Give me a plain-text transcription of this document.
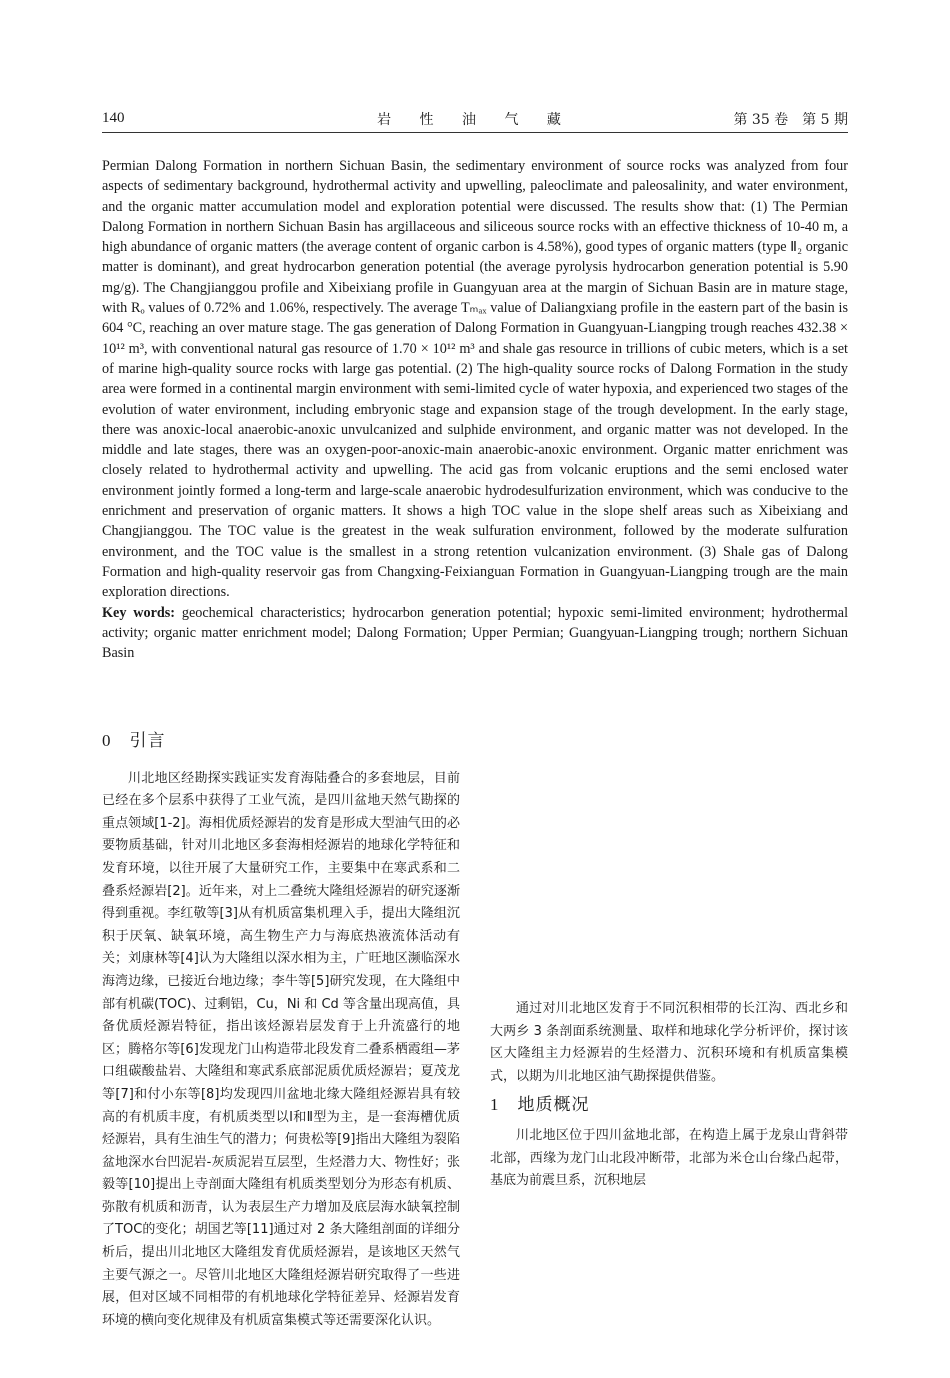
140	岩 性 油 气 藏	第 35 卷　第 5 期

Permian Dalong Formation in northern Sichuan Basin, the sedimentary environment of source rocks was analyzed from four aspects of sedimentary background, hydrothermal activity and upwelling, paleoclimate and paleosalinity, and water environment, and the organic matter accumulation model and exploration potential were discussed. The results show that: (1) The Permian Dalong Formation in northern Sichuan Basin has argillaceous and siliceous source rocks with an effective thickness of 10-40 m, a high abundance of organic matters (the average content of organic carbon is 4.58%), good types of organic matters (type Ⅱ₂ organic matter is dominant), and great hydrocarbon generation potential (the average pyrolysis hydrocarbon generation potential is 5.90 mg/g). The Changjianggou profile and Xibeixiang profile in Guangyuan area at the margin of Sichuan Basin are in mature stage, with Rₒ values of 0.72% and 1.06%, respectively. The average Tₘₐₓ value of Daliangxiang profile in the eastern part of the basin is 604 °C, reaching an over mature stage. The gas generation of Dalong Formation in Guangyuan-Liangping trough reaches 432.38 × 10¹² m³, with conventional natural gas resource of 1.70 × 10¹² m³ and shale gas resource in trillions of cubic meters, which is a set of marine high-quality source rocks with large gas potential. (2) The high-quality source rocks of Dalong Formation in the study area were formed in a continental margin environment with semi-limited cycle of water hypoxia, and experienced two stages of the evolution of water environment, including embryonic stage and expansion stage of the trough development. In the early stage, there was anoxic-local anaerobic-anoxic unvulcanized and sulphide environment, and organic matter was not developed. In the middle and late stages, there was an oxygen-poor-anoxic-main anaerobic-anoxic environment. Organic matter enrichment was closely related to hydrothermal activity and upwelling. The acid gas from volcanic eruptions and the semi enclosed water environment jointly formed a long-term and large-scale anaerobic hydrodesulfurization environment, which was conducive to the enrichment and preservation of organic matters. It shows a high TOC value in the slope shelf areas such as Xibeixiang and Changjianggou. The TOC value is the greatest in the weak sulfuration environment, followed by the moderate sulfuration environment, and the TOC value is the smallest in a strong retention vulcanization environment. (3) Shale gas of Dalong Formation and high-quality reservoir gas from Changxing-Feixianguan Formation in Guangyuan-Liangping trough are the main exploration directions.

Key words: geochemical characteristics; hydrocarbon generation potential; hypoxic semi-limited environment; hydrothermal activity; organic matter enrichment model; Dalong Formation; Upper Permian; Guangyuan-Liangping trough; northern Sichuan Basin

0 引言

川北地区经勘探实践证实发育海陆叠合的多套地层，目前已经在多个层系中获得了工业气流，是四川盆地天然气勘探的重点领域[1-2]。海相优质烃源岩的发育是形成大型油气田的必要物质基础，针对川北地区多套海相烃源岩的地球化学特征和发育环境，以往开展了大量研究工作，主要集中在寒武系和二叠系烃源岩[2]。近年来，对上二叠统大隆组烃源岩的研究逐渐得到重视。李红敬等[3]从有机质富集机理入手，提出大隆组沉积于厌氧、缺氧环境，高生物生产力与海底热液流体活动有关；刘康林等[4]认为大隆组以深水相为主，广旺地区濒临深水海湾边缘，已接近台地边缘；李牛等[5]研究发现，在大隆组中部有机碳(TOC)、过剩铝，Cu，Ni 和 Cd 等含量出现高值，具备优质烃源岩特征，指出该烃源岩层发育于上升流盛行的地区；腾格尔等[6]发现龙门山构造带北段发育二叠系栖霞组—茅口组碳酸盐岩、大隆组和寒武系底部泥质优质烃源岩；夏茂龙等[7]和付小东等[8]均发现四川盆地北缘大隆组烃源岩具有较高的有机质丰度，有机质类型以Ⅰ和Ⅱ型为主，是一套海槽优质烃源岩，具有生油生气的潜力；何贵松等[9]指出大隆组为裂陷盆地深水台凹泥岩-灰质泥岩互层型，生烃潜力大、物性好；张毅等[10]提出上寺剖面大隆组有机质类型划分为形态有机质、弥散有机质和沥青，认为表层生产力增加及底层海水缺氧控制了TOC的变化；胡国艺等[11]通过对 2 条大隆组剖面的详细分析后，提出川北地区大隆组发育优质烃源岩，是该地区天然气主要气源之一。尽管川北地区大隆组烃源岩研究取得了一些进展，但对区域不同相带的有机地球化学特征差异、烃源岩发育环境的横向变化规律及有机质富集模式等还需要深化认识。

通过对川北地区发育于不同沉积相带的长江沟、西北乡和大两乡 3 条剖面系统测量、取样和地球化学分析评价，探讨该区大隆组主力烃源岩的生烃潜力、沉积环境和有机质富集模式，以期为川北地区油气勘探提供借鉴。

1 地质概况

川北地区位于四川盆地北部，在构造上属于龙泉山背斜带北部，西缘为龙门山北段冲断带，北部为米仓山台缘凸起带，基底为前震旦系，沉积地层
